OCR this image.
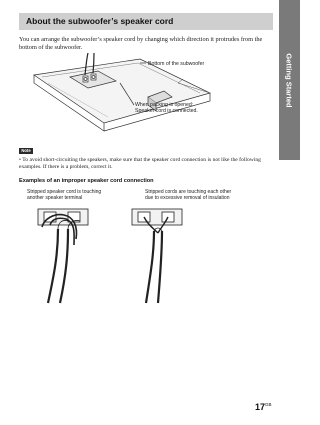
Getting Started
About the subwoofer’s speaker cord
You can arrange the subwoofer’s speaker cord by changing which direction it protrudes from the bottom of the subwoofer.
Bottom of the subwoofer
When packing is opened:
Speaker cord is connected.
Note
• To avoid short-circuiting the speakers, make sure that the speaker cord connection is not like the following examples. If there is a problem, correct it.
Examples of an improper speaker cord connection
Stripped speaker cord is touching
another speaker terminal
Stripped cords are touching each other
due to excessive removal of insulation
$17^{GB}$
